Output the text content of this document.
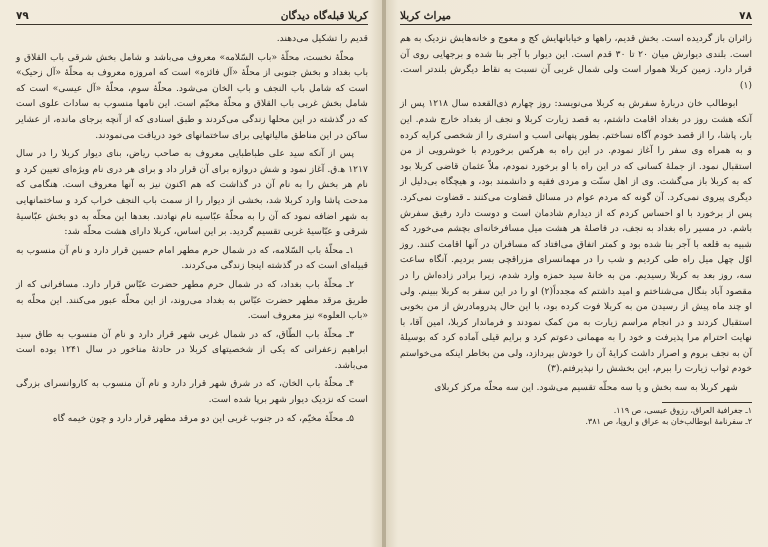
کربلا قبله‌گاه دیدگان
۷۹

قدیم را تشکیل می‌دهند.

محلّهٔ نخست، محلّهٔ «باب السّلامه» معروف می‌باشد و شامل بخش شرقی باب القلاق و باب بغداد و بخش جنوبی از محلّهٔ «آل فائزه» است که امروزه معروف به محلّهٔ «آل زحیک» است که شامل باب النجف و باب الخان می‌شود. محلّهٔ سوم، محلّهٔ «آل عیسی» است که شامل بخش غربی باب القلاق و محلّهٔ مخیّم است. این نامها منسوب به سادات علوی است که در گذشته در این محلها زندگی می‌کردند و طبق اسنادی که از آنچه برجای مانده، از عشایر ساکن در این مناطق مالیاتهایی برای ساختمانهای خود دریافت می‌نمودند.

پس از آنکه سید علی طباطبایی معروف به صاحب ریاض، بنای دیوار کربلا را در سال ۱۲۱۷ ه‍.ق. آغاز نمود و شش دروازه برای آن قرار داد و برای هر دری نام ویژه‌ای تعیین کرد و نام هر بخش را به نام آن در گذاشت که هم اکنون نیز به آنها معروف است. هنگامی که مدحت پاشا وارد کربلا شد، بخشی از دیوار را از سمت باب النجف خراب کرد و ساختمانهایی به شهر اضافه نمود که آن را به محلّهٔ عبّاسیه نام نهادند. بعدها این محلّه به دو بخش عبّاسیهٔ شرقی و عبّاسیهٔ غربی تقسیم گردید. بر این اساس، کربلا دارای هشت محلّه شد:

۱ـ محلّهٔ باب السّلامه، که در شمال حرم مطهر امام حسین قرار دارد و نام آن منسوب به قبیله‌ای است که در گذشته اینجا زندگی می‌کردند.

۲ـ محلّهٔ باب بغداد، که در شمال حرم مطهر حضرت عبّاس قرار دارد. مسافرانی که از طریق مرقد مطهر حضرت عبّاس به بغداد می‌روند، از این محلّه عبور می‌کنند. این محلّه به «باب العلوه» نیز معروف است.

۳ـ محلّهٔ باب الطّاق، که در شمال غربی شهر قرار دارد و نام آن منسوب به طاق سید ابراهیم زعفرانی که یکی از شخصیتهای کربلا در حادثهٔ مناخور در سال ۱۲۴۱ بوده است می‌باشد.

۴ـ محلّهٔ باب الخان، که در شرق شهر قرار دارد و نام آن منسوب به کاروانسرای بزرگی است که نزدیک دیوار شهر برپا شده است.

۵ـ محلّهٔ مخیّم، که در جنوب غربی این دو مرقد مطهر قرار دارد و چون خیمه گاه

۷۸
میراث کربلا

زائران باز گردیده است. بخش قدیم، راهها و خیابانهایش کج و معوج و خانه‌هایش نزدیک به هم است. بلندی دیوارش میان ۲۰ تا ۳۰ قدم است. این دیوار با آجر بنا شده و برجهایی روی آن قرار دارد. زمین کربلا هموار است ولی شمال غربی آن نسبت به نقاط دیگرش بلندتر است.(۱)

ابوطالب خان دربارهٔ سفرش به کربلا می‌نویسد: روز چهارم ذی‌القعده سال ۱۲۱۸ پس از آنکه هشت روز در بغداد اقامت داشتم، به قصد زیارت کربلا و نجف از بغداد خارج شدم. این بار، پاشا، را از قصد خودم آگاه نساختم. بطور پنهانی اسب و استری را از شخصی کرایه کرده و به همراه وی سفر را آغاز نمودم. در این راه به هرکس برخوردم با خوشرویی از من استقبال نمود. از جملهٔ کسانی که در این راه با او برخورد نمودم، ملاّ عثمان قاضی کربلا بود که به کربلا باز می‌گشت. وی از اهل سنّت و مردی فقیه و دانشمند بود، و هیچگاه بی‌دلیل از دیگری پیروی نمی‌کرد. آن گونه که مردم عوام در مسائل قضاوت می‌کنند ـ قضاوت نمی‌کرد. پس از برخورد با او احساس کردم که از دیدارم شادمان است و دوست دارد رفیق سفرش باشم. در مسیر راه بغداد به نجف، در فاصلهٔ هر هشت میل مسافرخانه‌ای بچشم می‌خورد که شبیه به قلعه با آجر بنا شده بود و کمتر اتفاق می‌افتاد که مسافران در آنها اقامت کنند. روز اوّل چهل میل راه طی کردیم و شب را در مهمانسرای مزراقچی بسر بردیم. آنگاه ساعت سه، روز بعد به کربلا رسیدیم. من به خانهٔ سید حمزه وارد شدم، زیرا برادر زاده‌اش را در مقصود آباد بنگال می‌شناختم و امید داشتم که مجدداً(۲) او را در این سفر به کربلا ببینم. ولی او چند ماه پیش از رسیدن من به کربلا فوت کرده بود، با این حال پدرومادرش از من بخوبی استقبال کردند و در انجام مراسم زیارت به من کمک نمودند و فرماندار کربلا، امین آقا، با نهایت احترام مرا پذیرفت و خود را به مهمانی دعوتم کرد و برایم قیلی آماده کرد که بوسیلهٔ آن به نجف بروم و اصرار داشت کرایهٔ آن را خودش بپردازد، ولی من بخاطر اینکه می‌خواستم خودم ثواب زیارت را ببرم، این بخشش را نپذیرفتم.(۳)

شهر کربلا به سه بخش و یا سه محلّه تقسیم می‌شود. این سه محلّه مرکز کربلای

۱ـ جغرافیة العراق، رزوق عیسی، ص ۱۱۹.
۲ـ سفرنامهٔ ابوطالب‌خان به عراق و اروپا، ص ۳۸۱.
